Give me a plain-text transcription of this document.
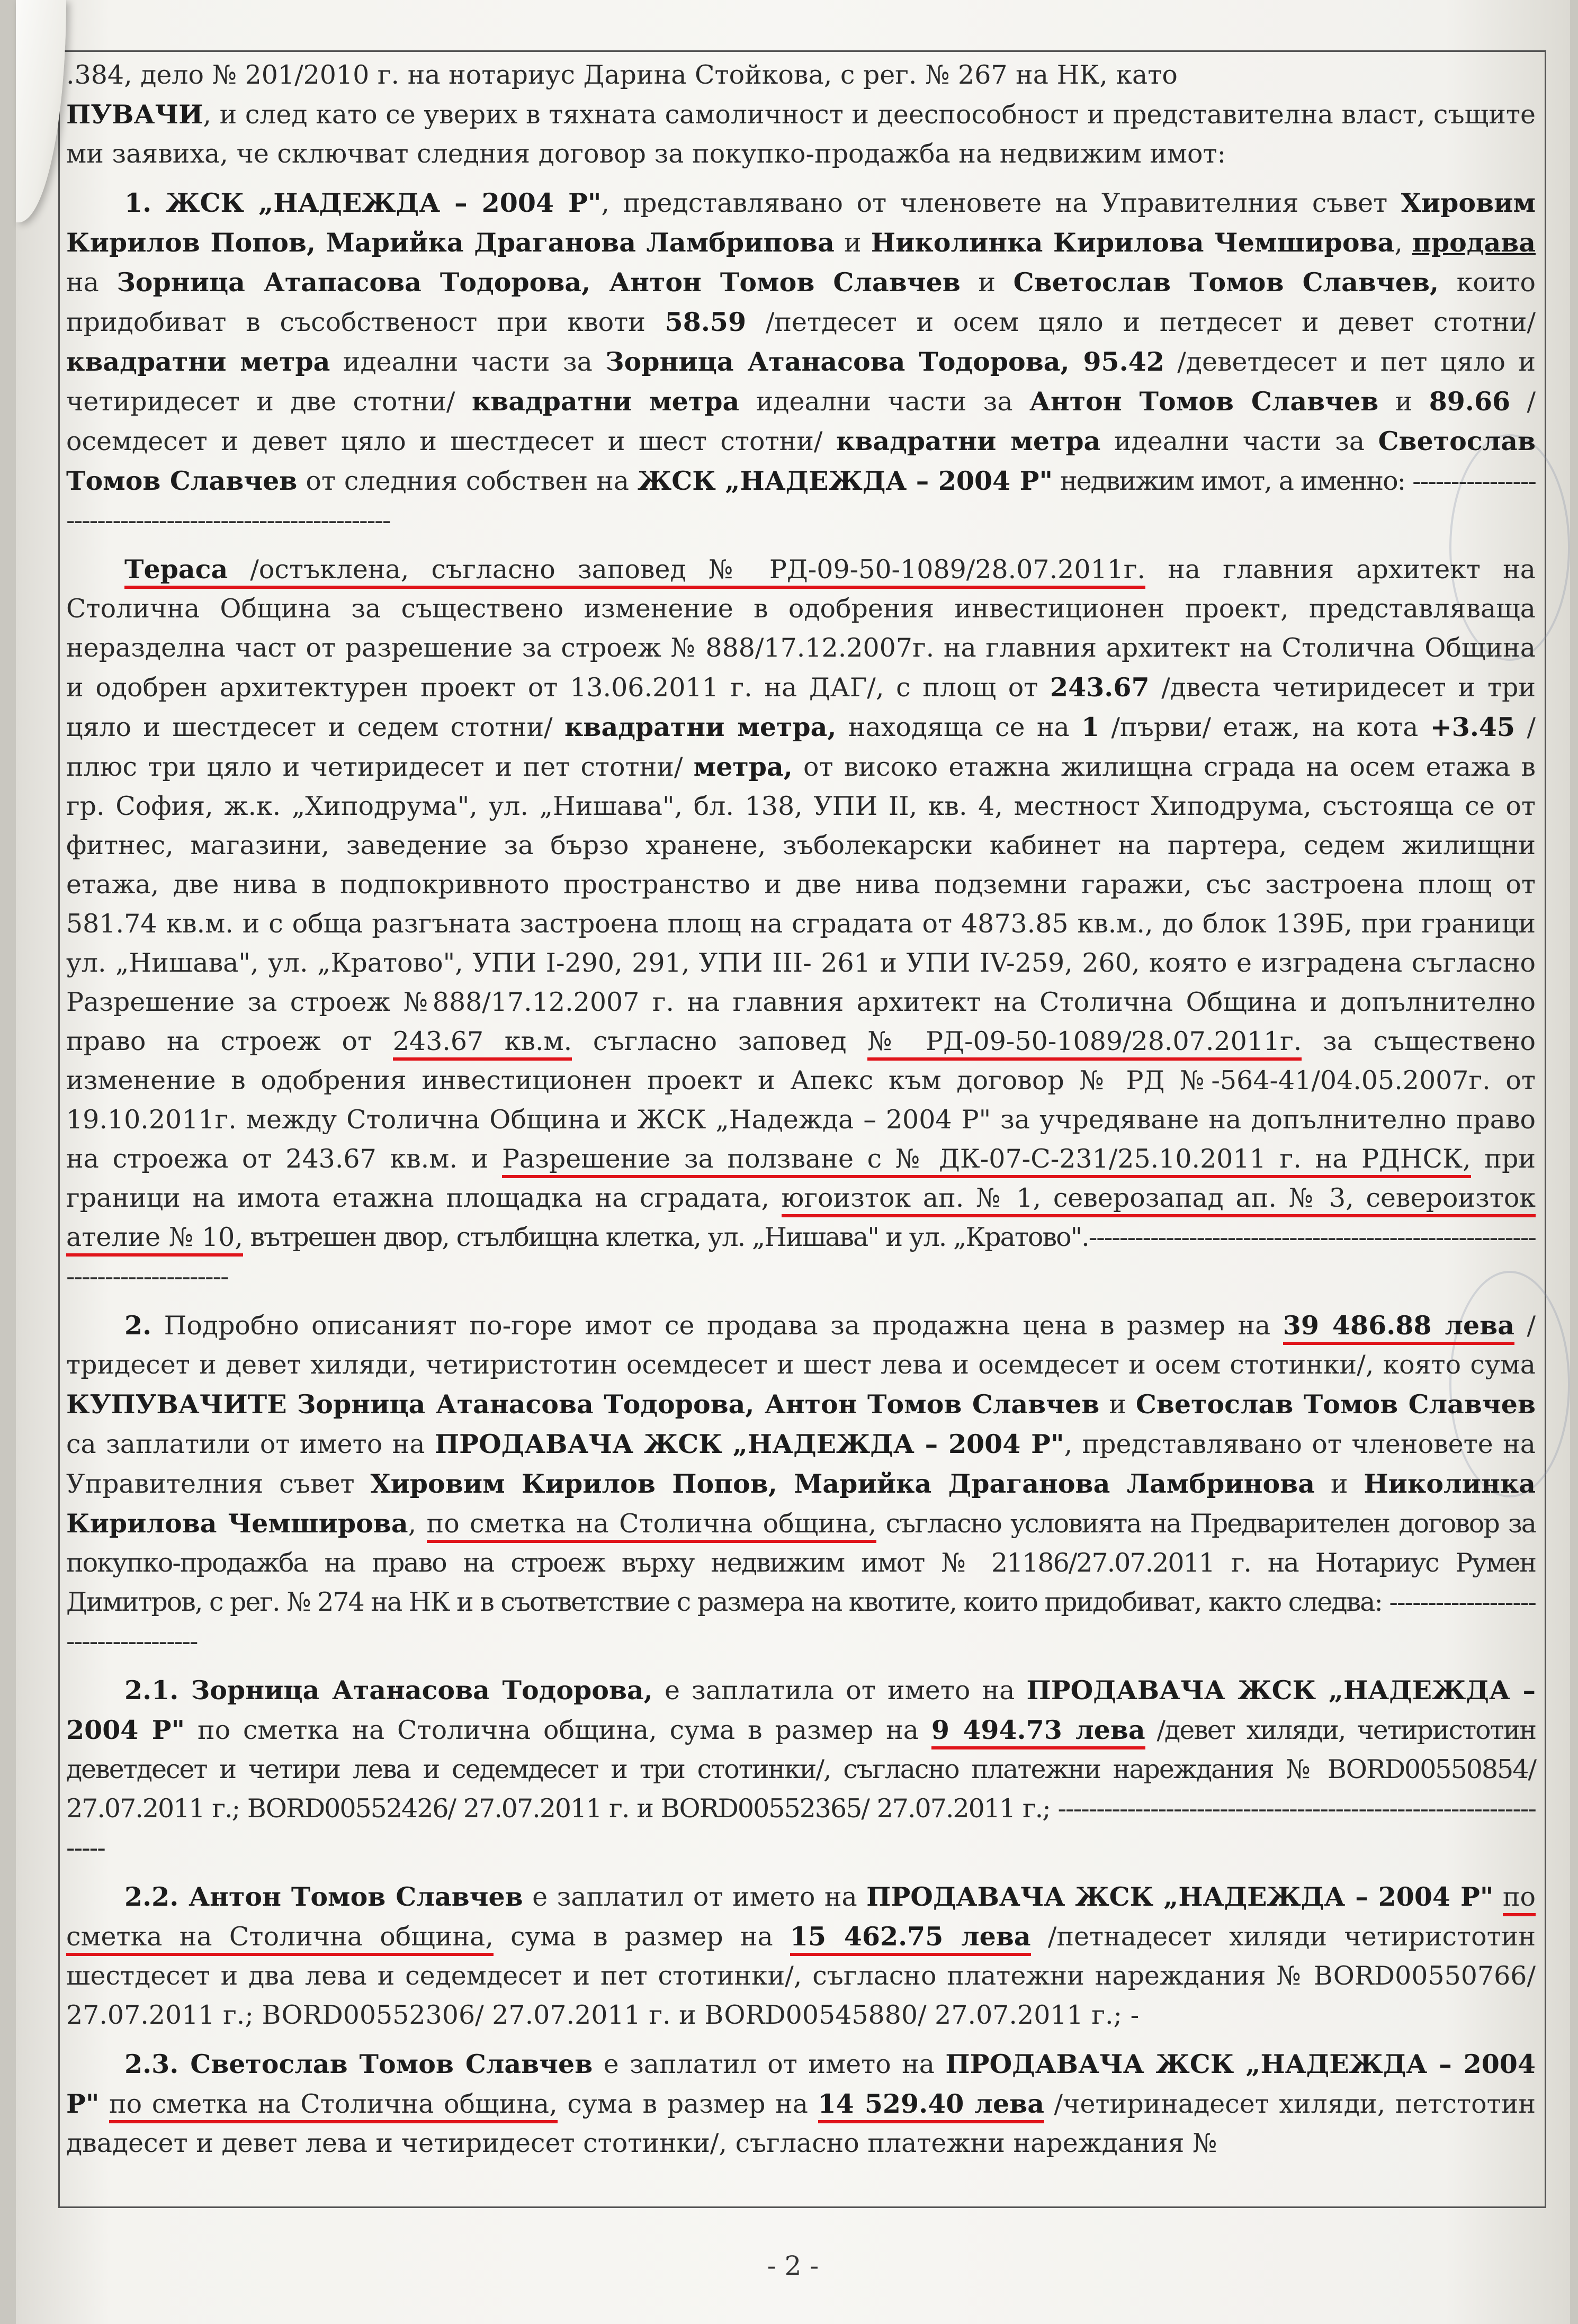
.384, дело № 201/2010 г. на нотариус Дарина Стойкова, с рег. № 267 на НК, като
ПУВАЧИ, и след като се уверих в тяхната самоличност и дееспособност и представителна власт, същите ми заявиха, че сключват следния договор за покупко-продажба на недвижим имот:

1. ЖСК „НАДЕЖДА – 2004 Р", представлявано от членовете на Управителния съвет Хировим Кирилов Попов, Марийка Драганова Ламбрипова и Николинка Кирилова Чемширова, продава на Зорница Атапасова Тодорова, Антон Томов Славчев и Светослав Томов Славчев, които придобиват в съсобственост при квоти 58.59 /петдесет и осем цяло и петдесет и девет стотни/ квадратни метра идеални части за Зорница Атанасова Тодорова, 95.42 /деветдесет и пет цяло и четиридесет и две стотни/ квадратни метра идеални части за Антон Томов Славчев и 89.66 /осемдесет и девет цяло и шестдесет и шест стотни/ квадратни метра идеални части за Светослав Томов Славчев от следния собствен на ЖСК „НАДЕЖДА – 2004 Р" недвижим имот, а именно: ----------------------------------------------------------

Тераса /остъклена, съгласно заповед № РД-09-50-1089/28.07.2011г. на главния архитект на Столична Община за съществено изменение в одобрения инвестиционен проект, представляваща неразделна част от разрешение за строеж № 888/17.12.2007г. на главния архитект на Столична Община и одобрен архитектурен проект от 13.06.2011 г. на ДАГ/, с площ от 243.67 /двеста четиридесет и три цяло и шестдесет и седем стотни/ квадратни метра, находяща се на 1 /първи/ етаж, на кота +3.45 /плюс три цяло и четиридесет и пет стотни/ метра, от високо етажна жилищна сграда на осем етажа в гр. София, ж.к. „Хиподрума", ул. „Нишава", бл. 138, УПИ II, кв. 4, местност Хиподрума, състояща се от фитнес, магазини, заведение за бързо хранене, зъболекарски кабинет на партера, седем жилищни етажа, две нива в подпокривното пространство и две нива подземни гаражи, със застроена площ от 581.74 кв.м. и с обща разгъната застроена площ на сградата от 4873.85 кв.м., до блок 139Б, при граници ул. „Нишава", ул. „Кратово", УПИ I-290, 291, УПИ III- 261 и УПИ IV-259, 260, която е изградена съгласно Разрешение за строеж №888/17.12.2007 г. на главния архитект на Столична Община и допълнително право на строеж от 243.67 кв.м. съгласно заповед № РД-09-50-1089/28.07.2011г. за съществено изменение в одобрения инвестиционен проект и Апекс към договор № РД №-564-41/04.05.2007г. от 19.10.2011г. между Столична Община и ЖСК „Надежда – 2004 Р" за учредяване на допълнително право на строежа от 243.67 кв.м. и Разрешение за ползване с № ДК-07-С-231/25.10.2011 г. на РДНСК, при граници на имота етажна площадка на сградата, югоизток ап. № 1, северозапад ап. № 3, североизток ателие № 10, вътрешен двор, стълбищна клетка, ул. „Нишава" и ул. „Кратово".-------------------------------------------------------------------------------

2. Подробно описаният по-горе имот се продава за продажна цена в размер на 39 486.88 лева /тридесет и девет хиляди, четиристотин осемдесет и шест лева и осемдесет и осем стотинки/, която сума КУПУВАЧИТЕ Зорница Атанасова Тодорова, Антон Томов Славчев и Светослав Томов Славчев са заплатили от името на ПРОДАВАЧА ЖСК „НАДЕЖДА – 2004 Р", представлявано от членовете на Управителния съвет Хировим Кирилов Попов, Марийка Драганова Ламбринова и Николинка Кирилова Чемширова, по сметка на Столична община, съгласно условията на Предварителен договор за покупко-продажба на право на строеж върху недвижим имот № 21186/27.07.2011 г. на Нотариус Румен Димитров, с рег. № 274 на НК и в съответствие с размера на квотите, които придобиват, както следва: ------------------------------------

2.1. Зорница Атанасова Тодорова, е заплатила от името на ПРОДАВАЧА ЖСК „НАДЕЖДА – 2004 Р" по сметка на Столична община, сума в размер на 9 494.73 лева /девет хиляди, четиристотин деветдесет и четири лева и седемдесет и три стотинки/, съгласно платежни нареждания № BORD00550854/ 27.07.2011 г.; BORD00552426/ 27.07.2011 г. и BORD00552365/ 27.07.2011 г.; -------------------------------------------------------------------

2.2. Антон Томов Славчев е заплатил от името на ПРОДАВАЧА ЖСК „НАДЕЖДА – 2004 Р" по сметка на Столична община, сума в размер на 15 462.75 лева /петнадесет хиляди четиристотин шестдесет и два лева и седемдесет и пет стотинки/, съгласно платежни нареждания № BORD00550766/ 27.07.2011 г.; BORD00552306/ 27.07.2011 г. и BORD00545880/ 27.07.2011 г.; -

2.3. Светослав Томов Славчев е заплатил от името на ПРОДАВАЧА ЖСК „НАДЕЖДА – 2004 Р" по сметка на Столична община, сума в размер на 14 529.40 лева /четиринадесет хиляди, петстотин двадесет и девет лева и четиридесет стотинки/, съгласно платежни нареждания №

- 2 -
